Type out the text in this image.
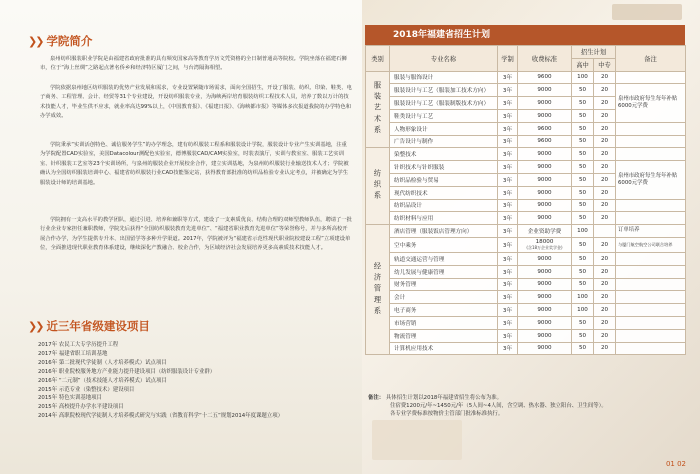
❯❯ 学院简介

泉州纺织服装职业学院是由福建省政府批准的具有频发国家高等教育学历文凭资格的全日制普通高等院校。学院坐落在福建石狮市，位于“海上丝绸”之路起点著名侨乡和经济特区厦门之间，与台湾隔海相望。

学院依据泉州地区纺织服装的优势产业发展和需求，专业设置紧随市场需求，面向全国招生，开设了服装、纺织、印染、鞋类、电子商务、工程管理、会计、经贸等31个专业建设，开设纺织服装专业，为海峡两岸培育服装纺织工程技术人员，培养了数以万计的技术技能人才，毕业生供不应求，就业率高达99%以上，《中国教育报》、《福建日报》、《海峡都市报》等媒体多次报道我院的办学特色和办学成效。

学院秉承“实训活创特色、诚信服务学生”的办学理念，建有纺织服装工程系和服装设计学院，服装设计专业产生实训基地，注重为学院配置CAD实验室，美国Datacolour测配色实验室，德博服装CAD/CAM实验室，时装表演厅，实训与教室室、服装工艺实训室、针织服装工艺室等23个实训场所，与泉州的服装企业开展校企合作，建立实训基地，为泉州纺织服装行业输送技术人才；学院被确认为全国纺织服装培训中心、福建省纺织服装行业CAD技能鉴定站，获得教育部批准的纺织品检验专业认定考点，并被确定为学生服装设计师的培训基地。

学院拥有一支高水平的教学团队，通过引进、培养和兼职等方式，建设了一支素质优良、结构合理的双师型教师队伍，聘请了一批行业企业专家担任兼职教师，学院先后获得“全国纺织服装教育先进单位”、“福建省职业教育先进单位”等荣誉称号，并与多所高校开展合作办学，为学生提供专升本、出国留学等多种升学渠道。2017年，学院被评为“福建省示范性现代职业院校建设工程”立项建设单位，全面推进现代职业教育体系建设，继续深化产教融合、校企合作，为区域经济社会发展培养更多高素质技术技能人才。

❯❯ 近三年省级建设项目
2017年 农民工大专学历提升工程
2017年 福建省职工培训基地
2016年 第二批现代学徒制（人才培养模式）试点项目
2016年 职业院校服务地方产业能力提升建设项目（纺织服装设计专业群）
2016年 “二元制”（技术技能人才培养模式）试点项目
2015年 示范专业（染整技术）建设项目
2015年 特色实训基地项目
2015年 高校提升办学水平建设项目
2014年 高职院校现代学徒制人才培养模式研究与实践（省教育科学“十二五”规划2014年度课题立项）
2018年福建省招生计划
类别	专业名称	学制	收费标准	招生计划		备注
				高中	中专	
服装艺术系	服装与服饰设计	3年	9600	100	20	
	服装设计与工艺（服装加工技术方向）	3年	9000	50	20	泉州市政府每生每年补贴6000元学费
	服装设计与工艺（服装制版技术方向）	3年	9000	50	20	
	鞋类设计与工艺	3年	9000	50	20	
	人物形象设计	3年	9600	50	20	
	广告设计与制作	3年	9600	50	20	
纺织系	染整技术	3年	9000	50	20	
	针织技术与针织服装	3年	9000	50	20	泉州市政府每生每年补贴6000元学费
	纺织品检验与贸易	3年	9000	50	20	
	现代纺织技术	3年	9000	50	20	
	纺织品设计	3年	9000	50	20	
	纺织材料与应用	3年	9000	50	20	
经济管理系	酒店管理（服装饭店管理方向）	3年	企业资助学费	100		订单培养
	空中乘务	3年	18000
(含18万企业奖学金)	50	20	与厦门航空航空公司联合培养
	轨道交通运营与管理	3年	9000	50	20	
	幼儿发展与健康管理	3年	9000	50	20	
	财务管理	3年	9000	50	20	
	会计	3年	9000	100	20	
	电子商务	3年	9000	100	20	
	市场营销	3年	9000	50	20	
	物流管理	3年	9000	50	20	
	计算机应用技术	3年	9000	50	20	
备注： 具体招生计划以2018年福建省招生将公布为准。
住宿费1200元/年~1450元/年（5人间~4人间，含空调、热水器、独立阳台、卫生间等）。
各专业学费标准按物价主管部门批准标准执行。
01 02
